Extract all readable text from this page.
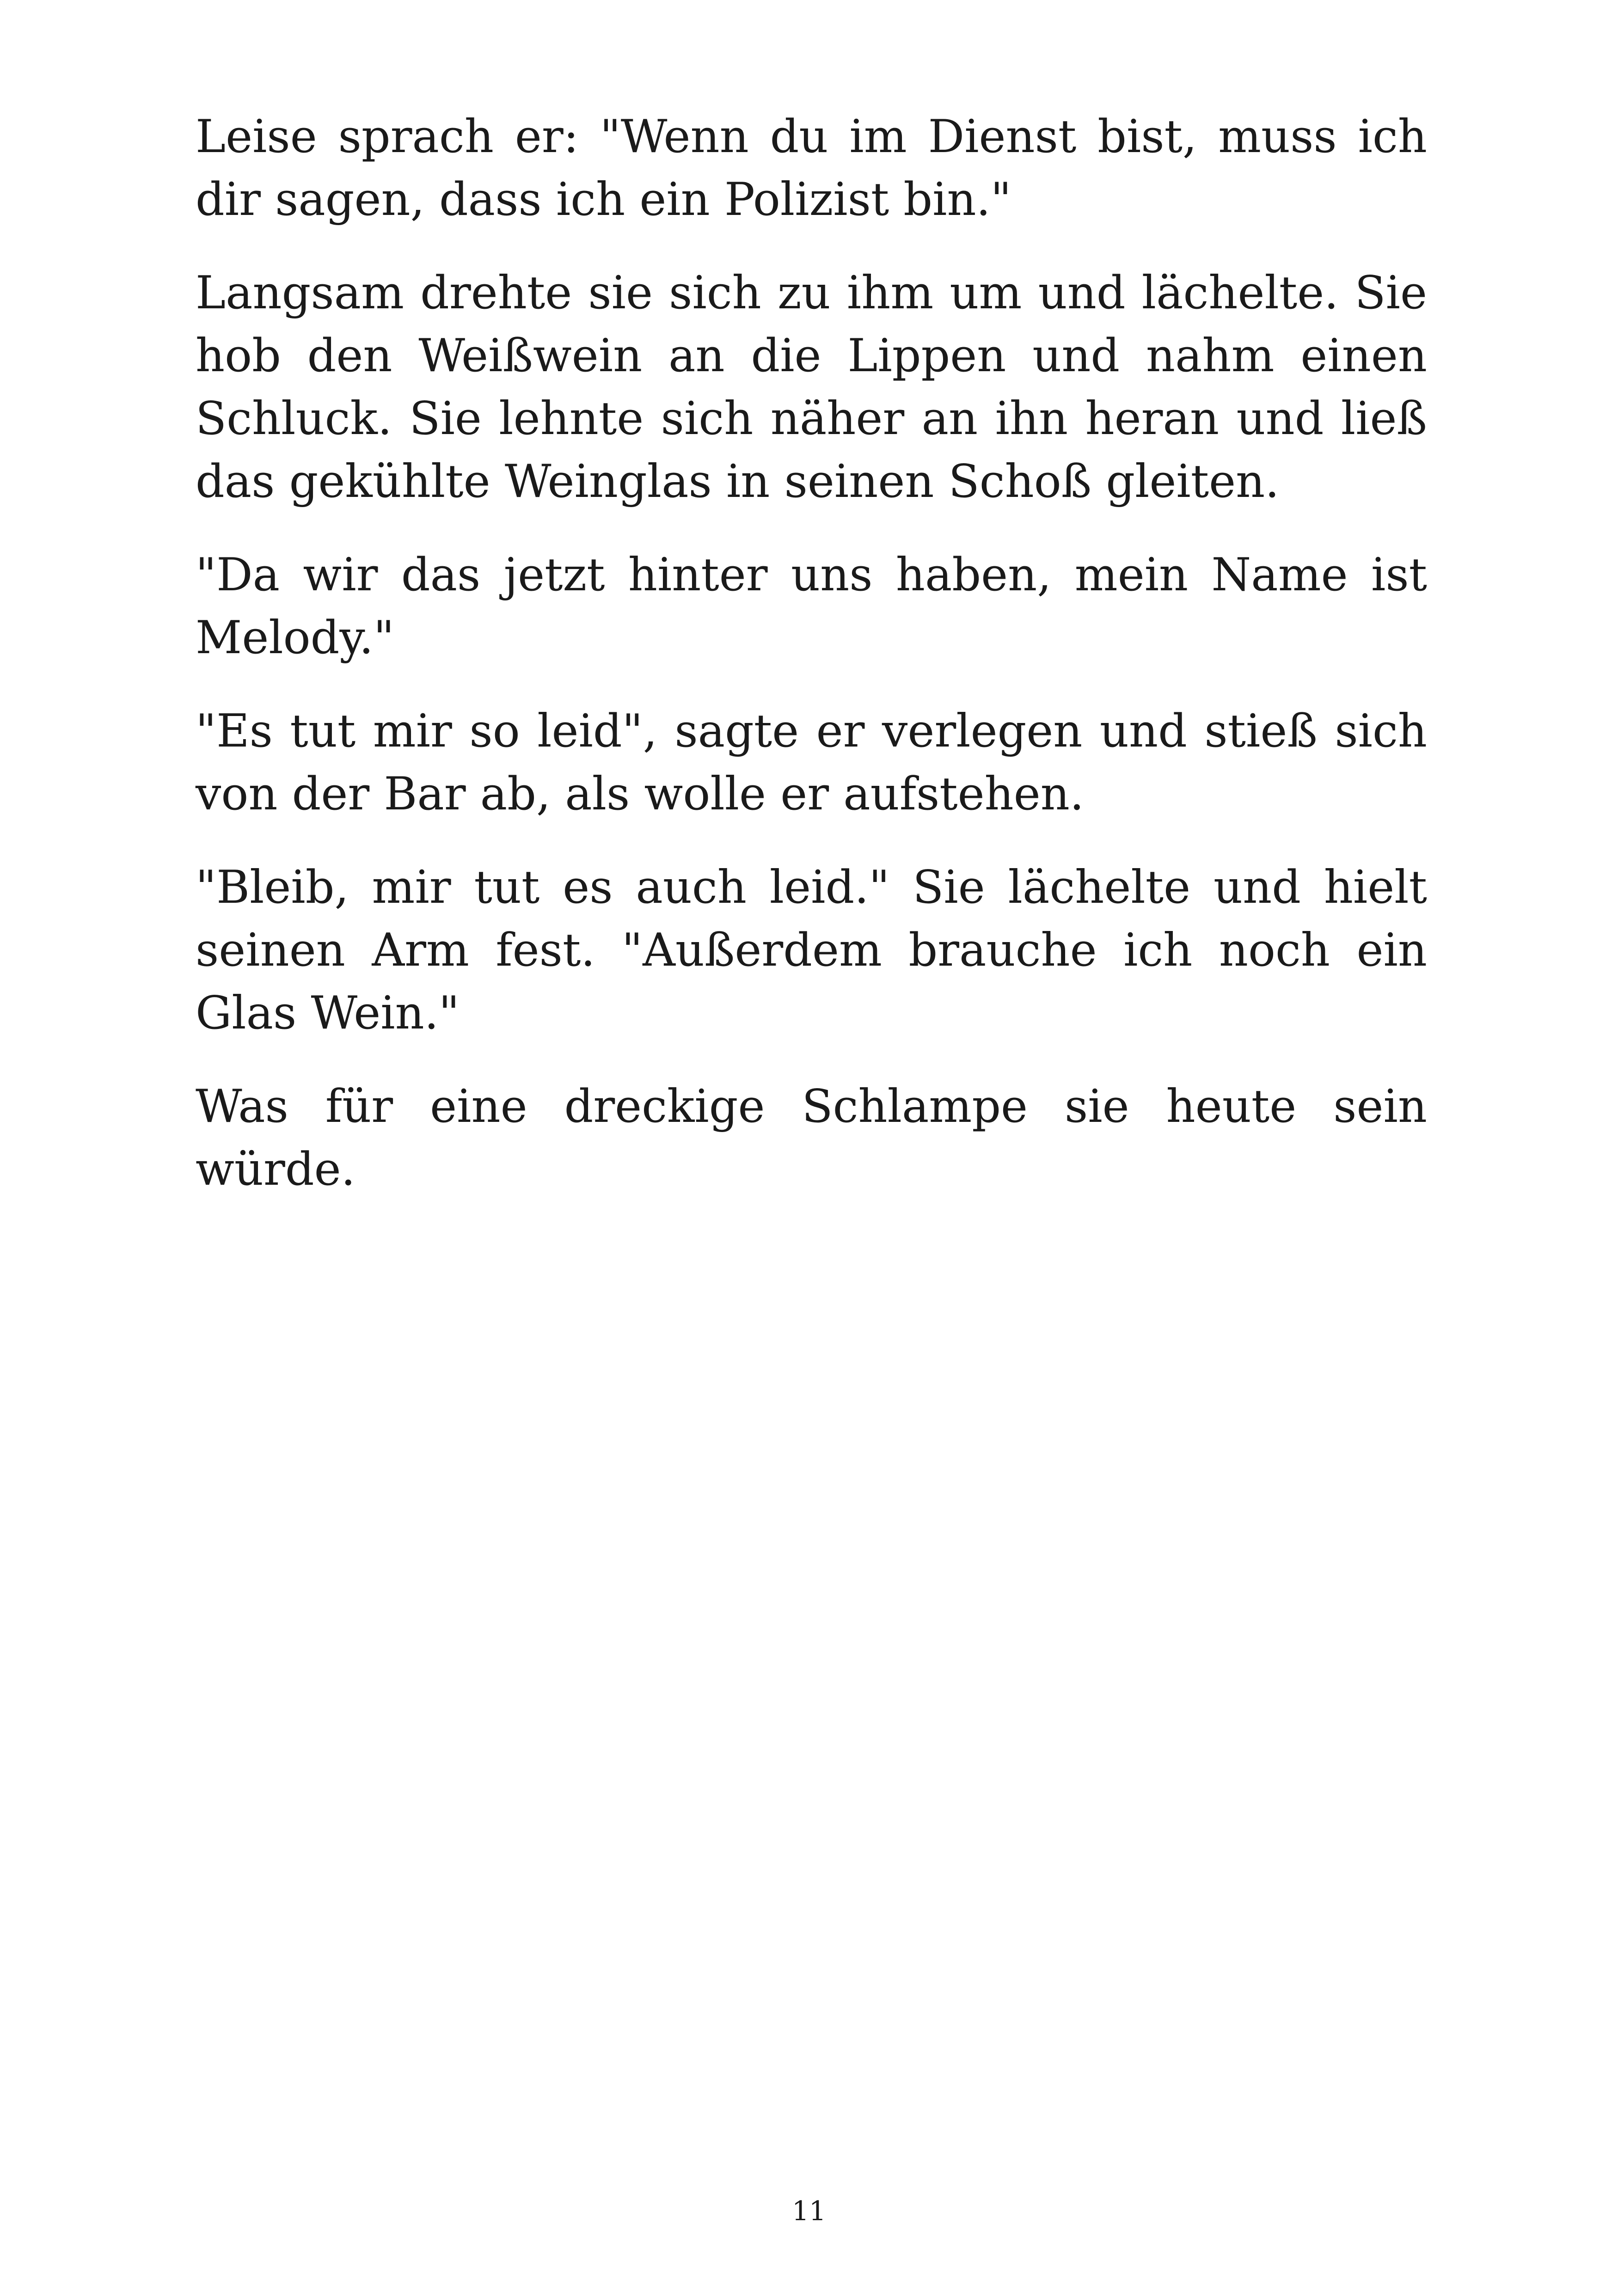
Leise sprach er: "Wenn du im Dienst bist, muss ich dir sagen, dass ich ein Polizist bin."

Langsam drehte sie sich zu ihm um und lächelte. Sie hob den Weißwein an die Lippen und nahm einen Schluck. Sie lehnte sich näher an ihn heran und ließ das gekühlte Weinglas in seinen Schoß gleiten.

"Da wir das jetzt hinter uns haben, mein Name ist Melody."

"Es tut mir so leid", sagte er verlegen und stieß sich von der Bar ab, als wolle er aufstehen.

"Bleib, mir tut es auch leid." Sie lächelte und hielt seinen Arm fest. "Außerdem brauche ich noch ein Glas Wein."

Was für eine dreckige Schlampe sie heute sein würde.

11
